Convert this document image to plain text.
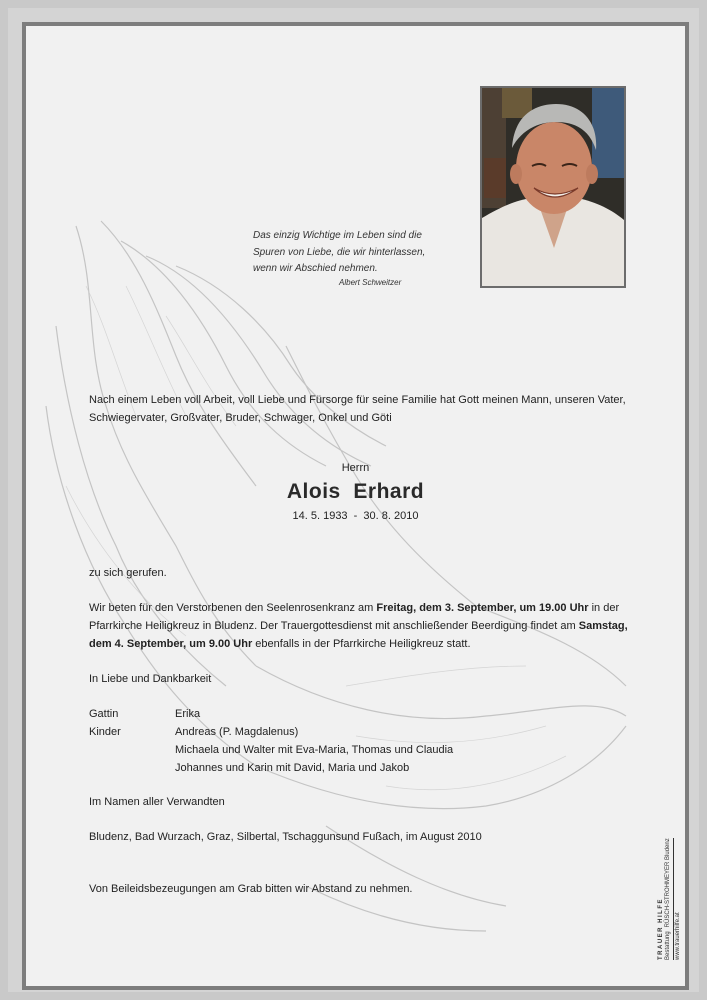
Das einzig Wichtige im Leben sind die
Spuren von Liebe, die wir hinterlassen,
wenn wir Abschied nehmen.
Albert Schweitzer
Nach einem Leben voll Arbeit, voll Liebe und Fürsorge für seine Familie hat Gott meinen Mann, unseren Vater, Schwiegervater, Großvater, Bruder, Schwager, Onkel und Göti
Herrn
Alois  Erhard
14. 5. 1933  -  30. 8. 2010
zu sich gerufen.
Wir beten für den Verstorbenen den Seelenrosenkranz am Freitag, dem 3. September, um 19.00 Uhr in der Pfarrkirche Heiligkreuz in Bludenz. Der Trauergottesdienst mit anschließender Beerdigung findet am Samstag, dem 4. September, um 9.00 Uhr ebenfalls in der Pfarrkirche Heiligkreuz statt.
In Liebe und Dankbarkeit
Gattin	Erika
Kinder	Andreas (P. Magdalenus)
Michaela und Walter mit Eva-Maria, Thomas und Claudia
Johannes und Karin mit David, Maria und Jakob
Im Namen aller Verwandten
Bludenz, Bad Wurzach, Graz, Silbertal, Tschaggunsund Fußach, im August 2010
Von Beileidsbezeugungen am Grab bitten wir Abstand zu nehmen.
TRAUER HILFE Bestattung
RÜSCH-STROHMEYER Bludenz
www.trauerhilfe.at
